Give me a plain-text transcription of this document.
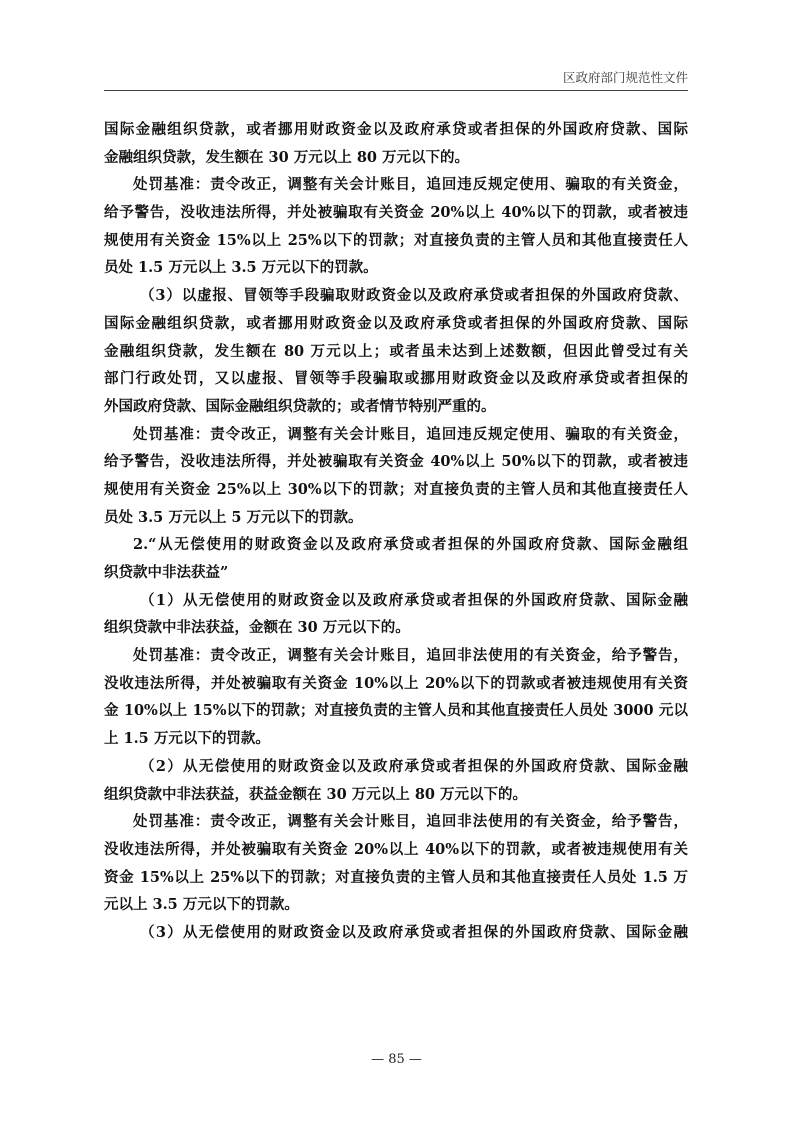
区政府部门规范性文件
国际金融组织贷款，或者挪用财政资金以及政府承贷或者担保的外国政府贷款、国际
金融组织贷款，发生额在 30 万元以上 80 万元以下的。
处罚基准：责令改正，调整有关会计账目，追回违反规定使用、骗取的有关资金，
给予警告，没收违法所得，并处被骗取有关资金 20%以上 40%以下的罚款，或者被违
规使用有关资金 15%以上 25%以下的罚款；对直接负责的主管人员和其他直接责任人
员处 1.5 万元以上 3.5 万元以下的罚款。
（3）以虚报、冒领等手段骗取财政资金以及政府承贷或者担保的外国政府贷款、
国际金融组织贷款，或者挪用财政资金以及政府承贷或者担保的外国政府贷款、国际
金融组织贷款，发生额在 80 万元以上；或者虽未达到上述数额，但因此曾受过有关
部门行政处罚，又以虚报、冒领等手段骗取或挪用财政资金以及政府承贷或者担保的
外国政府贷款、国际金融组织贷款的；或者情节特别严重的。
处罚基准：责令改正，调整有关会计账目，追回违反规定使用、骗取的有关资金，
给予警告，没收违法所得，并处被骗取有关资金 40%以上 50%以下的罚款，或者被违
规使用有关资金 25%以上 30%以下的罚款；对直接负责的主管人员和其他直接责任人
员处 3.5 万元以上 5 万元以下的罚款。
2.“从无偿使用的财政资金以及政府承贷或者担保的外国政府贷款、国际金融组
织贷款中非法获益”
（1）从无偿使用的财政资金以及政府承贷或者担保的外国政府贷款、国际金融
组织贷款中非法获益，金额在 30 万元以下的。
处罚基准：责令改正，调整有关会计账目，追回非法使用的有关资金，给予警告，
没收违法所得，并处被骗取有关资金 10%以上 20%以下的罚款或者被违规使用有关资
金 10%以上 15%以下的罚款；对直接负责的主管人员和其他直接责任人员处 3000 元以
上 1.5 万元以下的罚款。
（2）从无偿使用的财政资金以及政府承贷或者担保的外国政府贷款、国际金融
组织贷款中非法获益，获益金额在 30 万元以上 80 万元以下的。
处罚基准：责令改正，调整有关会计账目，追回非法使用的有关资金，给予警告，
没收违法所得，并处被骗取有关资金 20%以上 40%以下的罚款，或者被违规使用有关
资金 15%以上 25%以下的罚款；对直接负责的主管人员和其他直接责任人员处 1.5 万
元以上 3.5 万元以下的罚款。
（3）从无偿使用的财政资金以及政府承贷或者担保的外国政府贷款、国际金融
— 85 —
